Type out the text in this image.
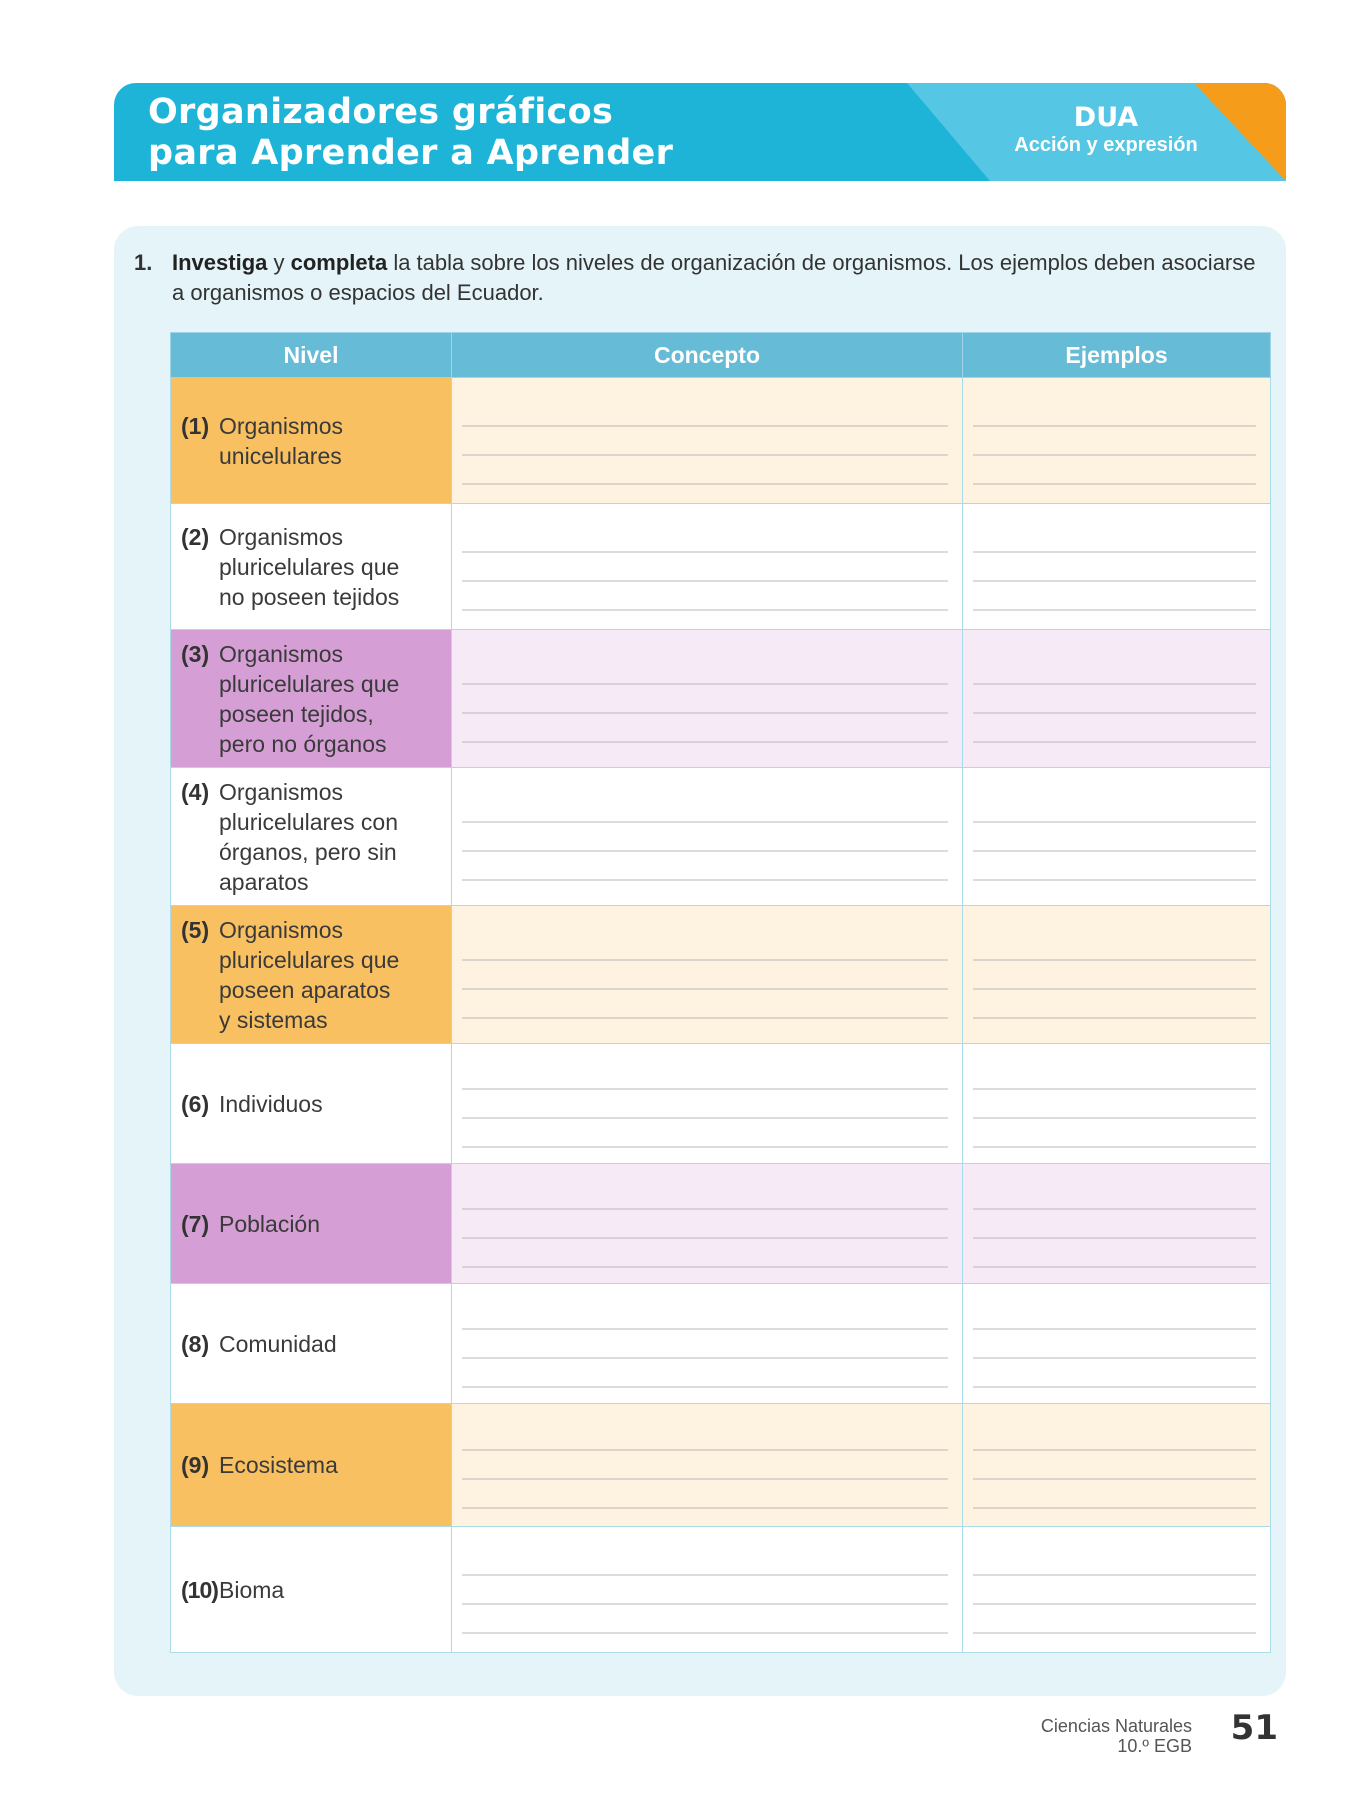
Organizadores gráficos
para Aprender a Aprender
DUA
Acción y expresión
1. Investiga y completa la tabla sobre los niveles de organización de organismos. Los ejemplos deben asociarse a organismos o espacios del Ecuador.
Nivel	Concepto	Ejemplos

(1) Organismos
unicelulares		

(2) Organismos
pluricelulares que
no poseen tejidos		

(3) Organismos
pluricelulares que
poseen tejidos,
pero no órganos		

(4) Organismos
pluricelulares con
órganos, pero sin
aparatos		

(5) Organismos
pluricelulares que
poseen aparatos
y sistemas		

(6) Individuos		

(7) Población		

(8) Comunidad		

(9) Ecosistema		

(10) Bioma		

Ciencias Naturales
10.º EGB 51
